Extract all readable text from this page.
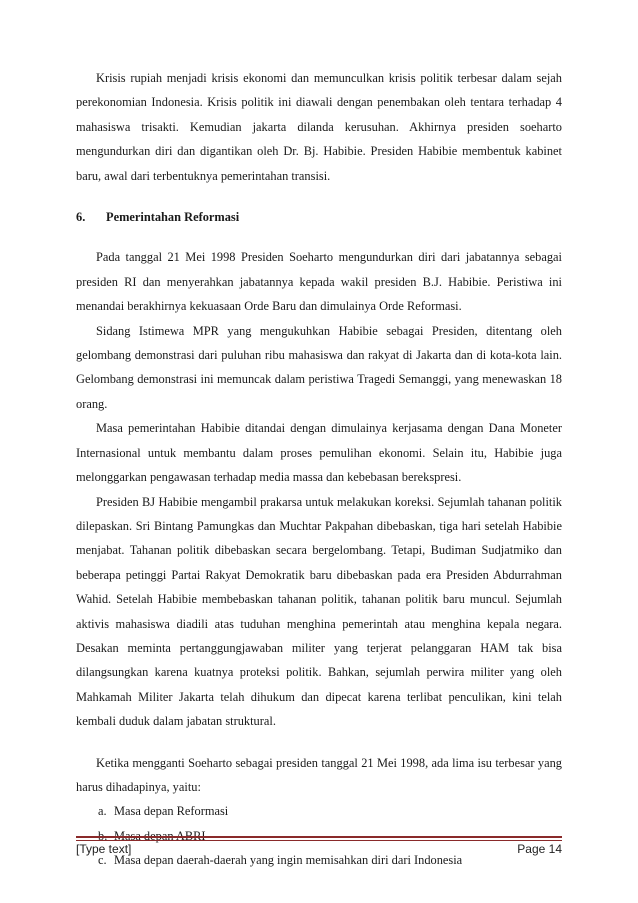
Krisis rupiah menjadi krisis ekonomi dan memunculkan krisis politik terbesar dalam sejah perekonomian Indonesia. Krisis politik ini diawali dengan penembakan oleh tentara terhadap 4 mahasiswa trisakti. Kemudian jakarta dilanda kerusuhan. Akhirnya presiden soeharto mengundurkan diri dan digantikan oleh Dr. Bj. Habibie. Presiden Habibie membentuk kabinet baru, awal dari terbentuknya pemerintahan transisi.

6.	Pemerintahan Reformasi

Pada tanggal 21 Mei 1998 Presiden Soeharto mengundurkan diri dari jabatannya sebagai presiden RI dan menyerahkan jabatannya kepada wakil presiden B.J. Habibie. Peristiwa ini menandai berakhirnya kekuasaan Orde Baru dan dimulainya Orde Reformasi.

Sidang Istimewa MPR yang mengukuhkan Habibie sebagai Presiden, ditentang oleh gelombang demonstrasi dari puluhan ribu mahasiswa dan rakyat di Jakarta dan di kota-kota lain. Gelombang demonstrasi ini memuncak dalam peristiwa Tragedi Semanggi, yang menewaskan 18 orang.

Masa pemerintahan Habibie ditandai dengan dimulainya kerjasama dengan Dana Moneter Internasional untuk membantu dalam proses pemulihan ekonomi. Selain itu, Habibie juga melonggarkan pengawasan terhadap media massa dan kebebasan berekspresi.

Presiden BJ Habibie mengambil prakarsa untuk melakukan koreksi. Sejumlah tahanan politik dilepaskan. Sri Bintang Pamungkas dan Muchtar Pakpahan dibebaskan, tiga hari setelah Habibie menjabat. Tahanan politik dibebaskan secara bergelombang. Tetapi, Budiman Sudjatmiko dan beberapa petinggi Partai Rakyat Demokratik baru dibebaskan pada era Presiden Abdurrahman Wahid. Setelah Habibie membebaskan tahanan politik, tahanan politik baru muncul. Sejumlah aktivis mahasiswa diadili atas tuduhan menghina pemerintah atau menghina kepala negara. Desakan meminta pertanggungjawaban militer yang terjerat pelanggaran HAM tak bisa dilangsungkan karena kuatnya proteksi politik. Bahkan, sejumlah perwira militer yang oleh Mahkamah Militer Jakarta telah dihukum dan dipecat karena terlibat penculikan, kini telah kembali duduk dalam jabatan struktural.

Ketika mengganti Soeharto sebagai presiden tanggal 21 Mei 1998, ada lima isu terbesar yang harus dihadapinya, yaitu:

a. Masa depan Reformasi
b. Masa depan ABRI
c. Masa depan daerah-daerah yang ingin memisahkan diri dari Indonesia
[Type text]	Page 14
